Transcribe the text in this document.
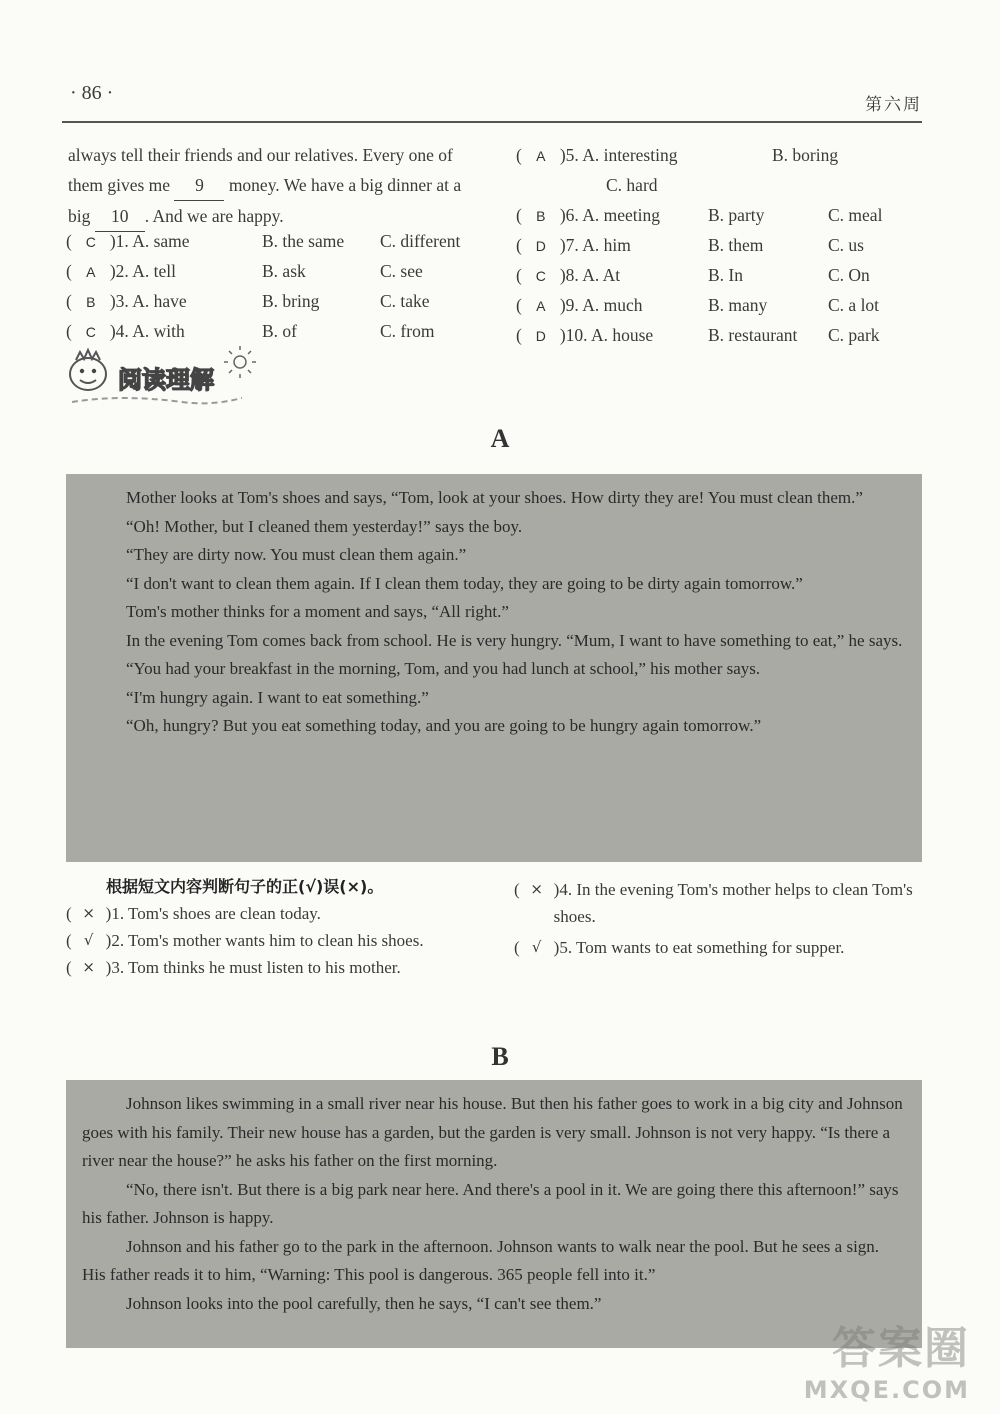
· 86 ·
第六周
always tell their friends and our relatives. Every one of them gives me 9 money. We have a big dinner at a big 10 . And we are happy.
( C )1. A. same	B. the same C. different
( A )2. A. tell	B. ask	C. see
( B )3. A. have	B. bring	C. take
( C )4. A. with	B. of	C. from
( A )5. A. interesting	B. boring
C. hard
( B )6. A. meeting	B. party	C. meal
( D )7. A. him	B. them	C. us
( C )8. A. At	B. In	C. On
( A )9. A. much	B. many	C. a lot
( D )10. A. house	B. restaurant C. park
阅读理解
A

Mother looks at Tom's shoes and says, “Tom, look at your shoes. How dirty they are! You must clean them.”

“Oh! Mother, but I cleaned them yesterday!” says the boy.

“They are dirty now. You must clean them again.”

“I don't want to clean them again. If I clean them today, they are going to be dirty again tomorrow.”

Tom's mother thinks for a moment and says, “All right.”

In the evening Tom comes back from school. He is very hungry. “Mum, I want to have something to eat,” he says.

“You had your breakfast in the morning, Tom, and you had lunch at school,” his mother says.

“I'm hungry again. I want to eat something.”

“Oh, hungry? But you eat something today, and you are going to be hungry again tomorrow.”

根据短文内容判断句子的正(√)误(×)。
( × )1. Tom's shoes are clean today.
( √ )2. Tom's mother wants him to clean his shoes.
( × )3. Tom thinks he must listen to his mother.
( × )4. In the evening Tom's mother helps to clean Tom's shoes.
( √ )5. Tom wants to eat something for supper.
B

Johnson likes swimming in a small river near his house. But then his father goes to work in a big city and Johnson goes with his family. Their new house has a garden, but the garden is very small. Johnson is not very happy. “Is there a river near the house?” he asks his father on the first morning.

“No, there isn't. But there is a big park near here. And there's a pool in it. We are going there this afternoon!” says his father. Johnson is happy.

Johnson and his father go to the park in the afternoon. Johnson wants to walk near the pool. But he sees a sign. His father reads it to him, “Warning: This pool is dangerous. 365 people fell into it.”

Johnson looks into the pool carefully, then he says, “I can't see them.”

答案圈
MXQE.COM
